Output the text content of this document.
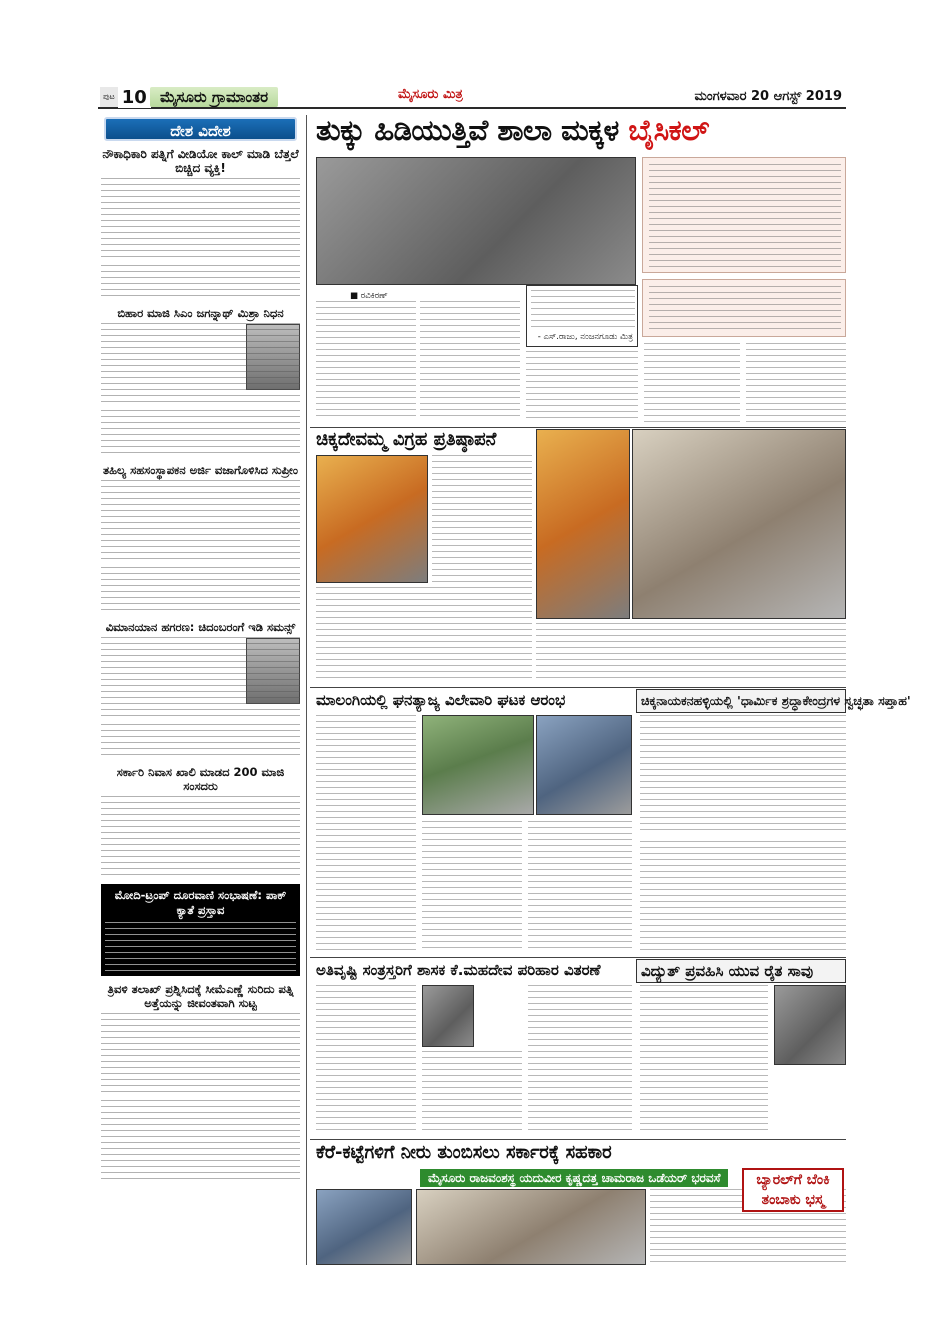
ಪುಟ 10 ಮೈಸೂರು ಗ್ರಾಮಾಂತರ	ಮೈಸೂರು ಮಿತ್ರ	ಮಂಗಳವಾರ 20 ಆಗಸ್ಟ್ 2019
ದೇಶ ವಿದೇಶ
ನೌಕಾಧಿಕಾರಿ ಪತ್ನಿಗೆ ವೀಡಿಯೋ ಕಾಲ್ ಮಾಡಿ ಬೆತ್ತಲೆ ಬಿಚ್ಚಿದ ವ್ಯಕ್ತಿ!
ಬಿಹಾರ ಮಾಜಿ ಸಿಎಂ ಜಗನ್ನಾಥ್ ಮಿಶ್ರಾ ನಿಧನ
ತಹಿಲ್ಯ ಸಹಸಂಸ್ಥಾಪಕನ ಅರ್ಜಿ ವಜಾಗೊಳಿಸಿದ ಸುಪ್ರೀಂ
ವಿಮಾನಯಾನ ಹಗರಣ: ಚಿದಂಬರಂಗೆ ಇಡಿ ಸಮನ್ಸ್
ಸರ್ಕಾರಿ ನಿವಾಸ ಖಾಲಿ ಮಾಡದ 200 ಮಾಜಿ ಸಂಸದರು
ಮೋದಿ-ಟ್ರಂಪ್ ದೂರವಾಣಿ ಸಂಭಾಷಣೆ: ಪಾಕ್ ಕ್ಯಾತೆ ಪ್ರಸ್ತಾವ
ತ್ರಿವಳಿ ತಲಾಖ್ ಪ್ರಶ್ನಿಸಿದಕ್ಕೆ ಸೀಮೆಎಣ್ಣೆ ಸುರಿದು ಪತ್ನಿ ಅತ್ತೆಯನ್ನು ಜೀವಂತವಾಗಿ ಸುಟ್ಟ
ತುಕ್ಕು ಹಿಡಿಯುತ್ತಿವೆ ಶಾಲಾ ಮಕ್ಕಳ ಬೈಸಿಕಲ್
■ ರವಿಕಿರಣ್
- ಎಸ್.ರಾಜು, ನಂಜನಗೂಡು ಮಿತ್ರ
ಚಿಕ್ಕದೇವಮ್ಮ ವಿಗ್ರಹ ಪ್ರತಿಷ್ಠಾಪನೆ
ಮಾಲಂಗಿಯಲ್ಲಿ ಘನತ್ಯಾಜ್ಯ ವಿಲೇವಾರಿ ಘಟಕ ಆರಂಭ	ಚಿಕ್ಕನಾಯಕನಹಳ್ಳಿಯಲ್ಲಿ 'ಧಾರ್ಮಿಕ ಶ್ರದ್ಧಾಕೇಂದ್ರಗಳ ಸ್ವಚ್ಛತಾ ಸಪ್ತಾಹ'
ಅತಿವೃಷ್ಟಿ ಸಂತ್ರಸ್ತರಿಗೆ ಶಾಸಕ ಕೆ.ಮಹದೇವ ಪರಿಹಾರ ವಿತರಣೆ	ವಿದ್ಯುತ್ ಪ್ರವಹಿಸಿ ಯುವ ರೈತ ಸಾವು
ಕೆರೆ-ಕಟ್ಟೆಗಳಿಗೆ ನೀರು ತುಂಬಿಸಲು ಸರ್ಕಾರಕ್ಕೆ ಸಹಕಾರ
ಮೈಸೂರು ರಾಜವಂಶಸ್ಥ ಯದುವೀರ ಕೃಷ್ಣದತ್ತ ಚಾಮರಾಜ ಒಡೆಯರ್ ಭರವಸೆ	ಬ್ಯಾರಲ್‌ಗೆ ಬೆಂಕಿ ತಂಬಾಕು ಭಸ್ಮ
